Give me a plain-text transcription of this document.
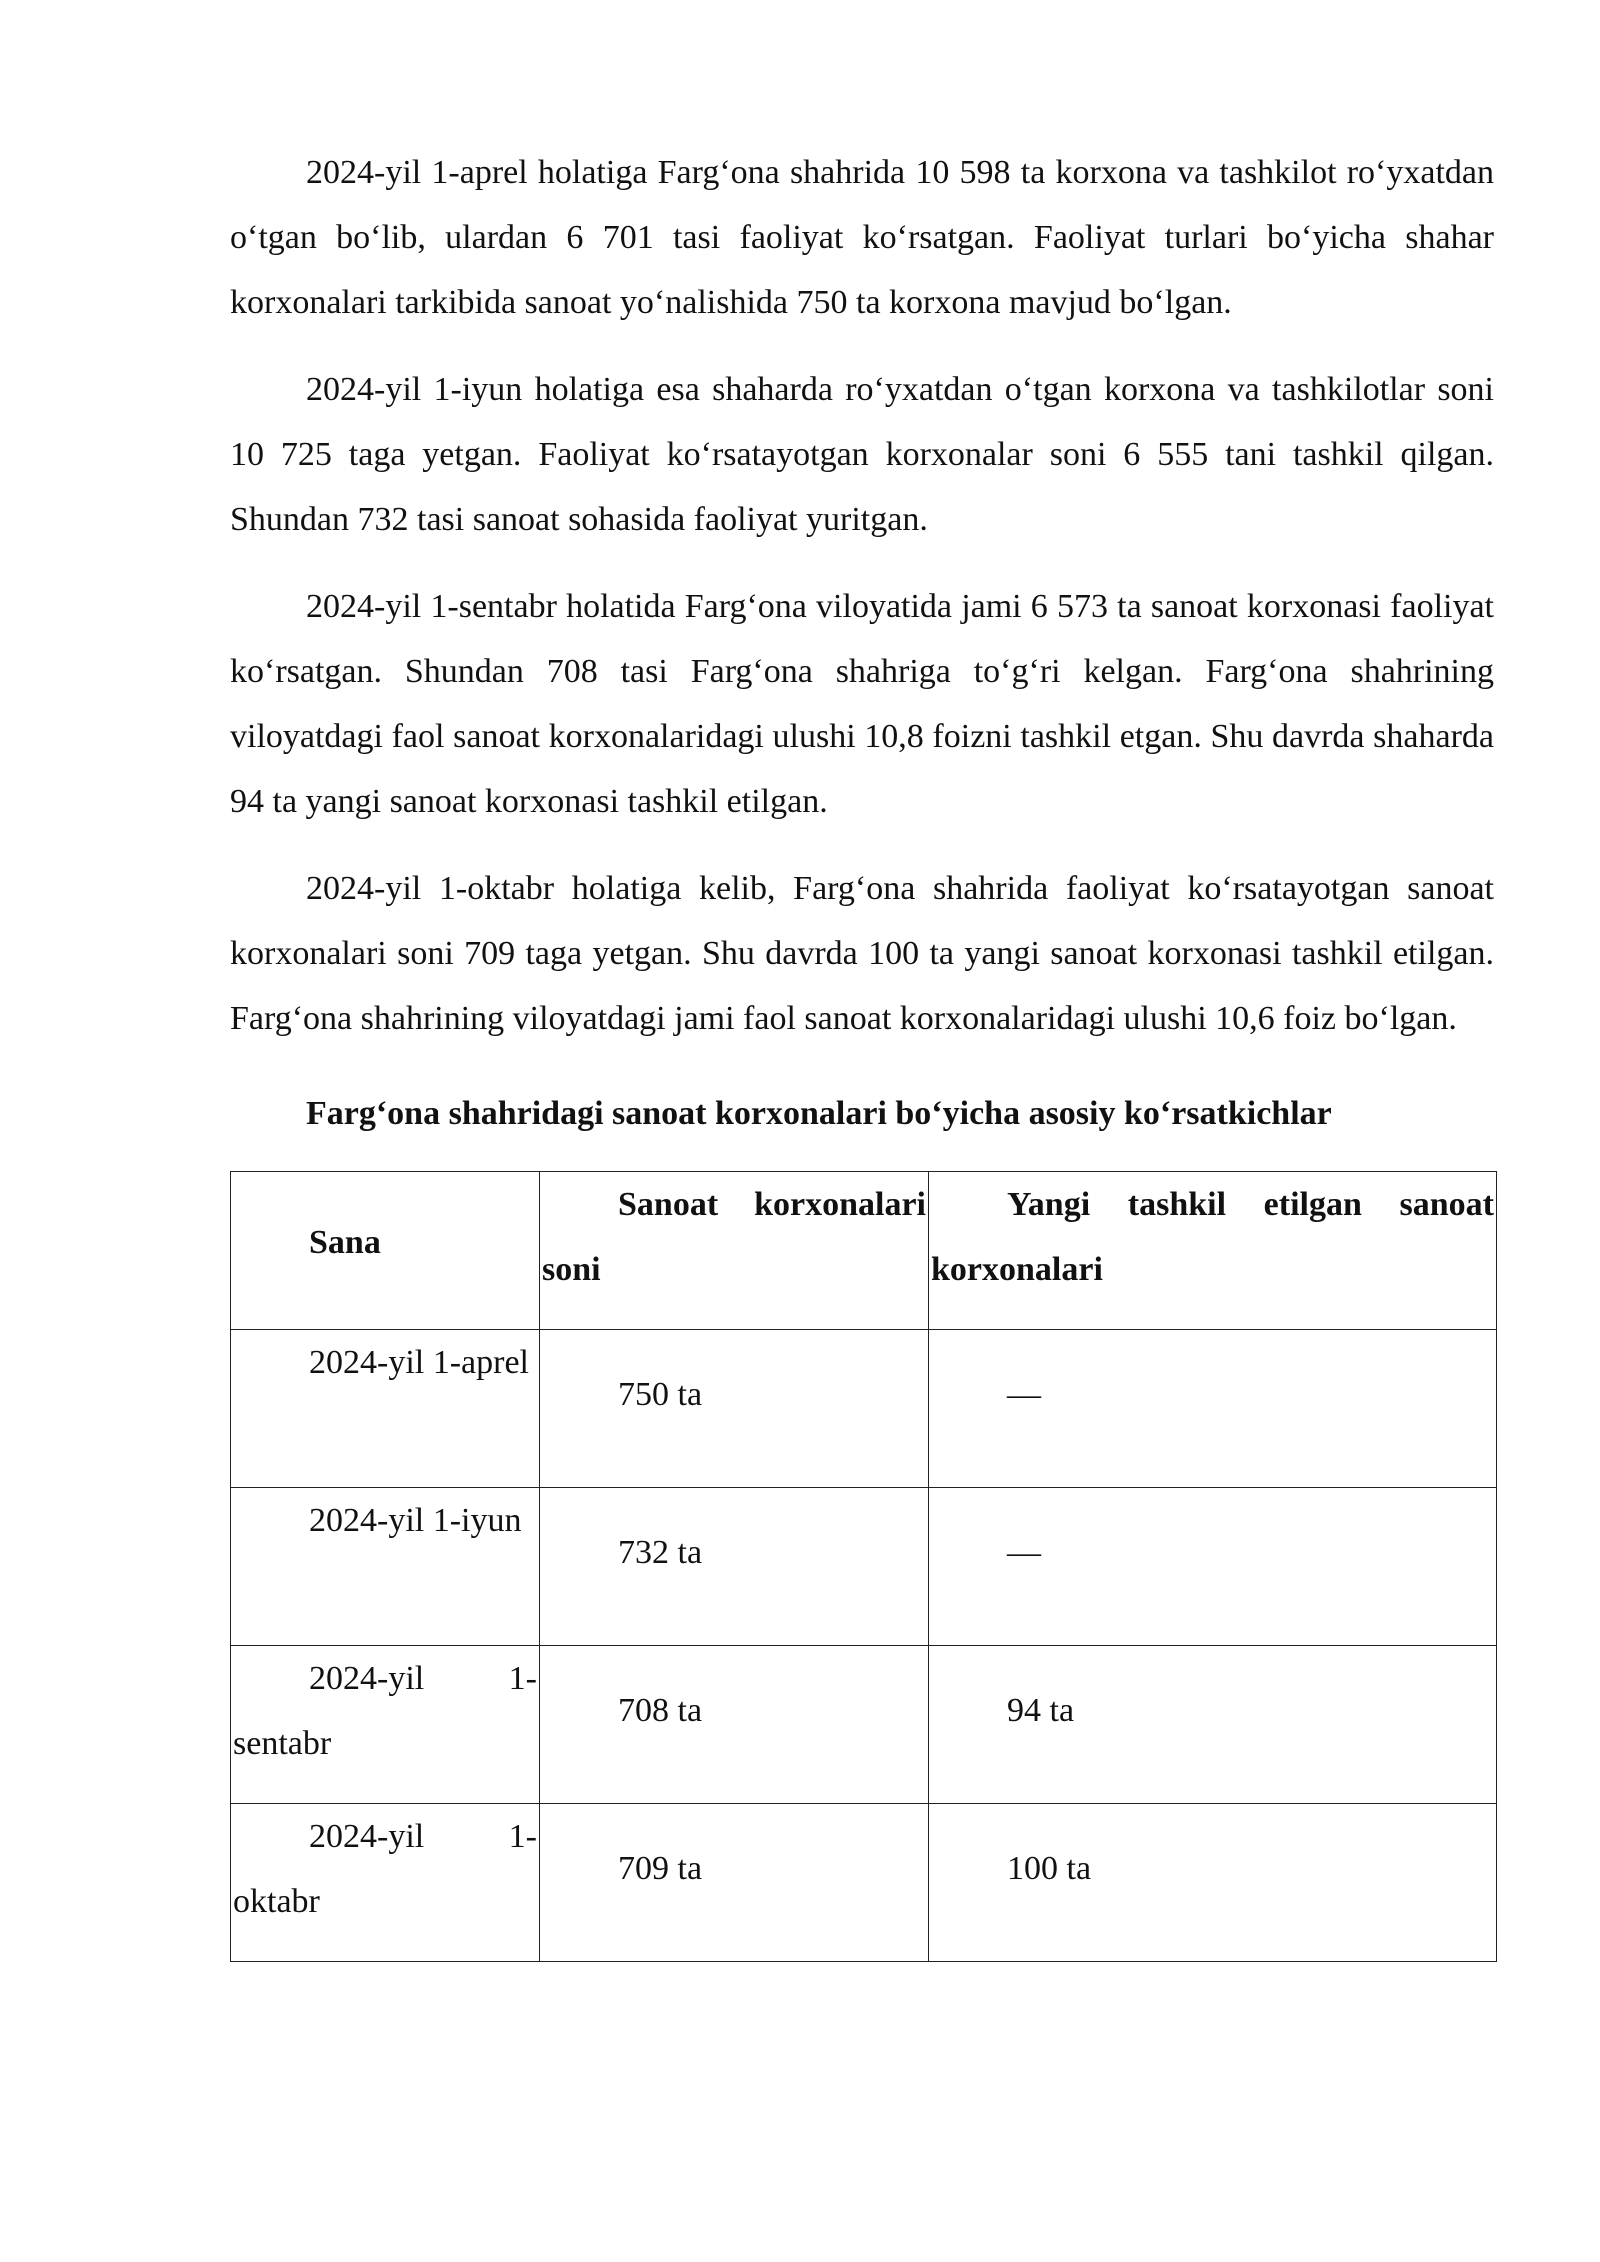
2024-yil 1-aprel holatiga Farg‘ona shahrida 10 598 ta korxona va tashkilot ro‘yxatdan o‘tgan bo‘lib, ulardan 6 701 tasi faoliyat ko‘rsatgan. Faoliyat turlari bo‘yicha shahar korxonalari tarkibida sanoat yo‘nalishida 750 ta korxona mavjud bo‘lgan.

2024-yil 1-iyun holatiga esa shaharda ro‘yxatdan o‘tgan korxona va tashkilotlar soni 10 725 taga yetgan. Faoliyat ko‘rsatayotgan korxonalar soni 6 555 tani tashkil qilgan. Shundan 732 tasi sanoat sohasida faoliyat yuritgan.

2024-yil 1-sentabr holatida Farg‘ona viloyatida jami 6 573 ta sanoat korxonasi faoliyat ko‘rsatgan. Shundan 708 tasi Farg‘ona shahriga to‘g‘ri kelgan. Farg‘ona shahrining viloyatdagi faol sanoat korxonalaridagi ulushi 10,8 foizni tashkil etgan. Shu davrda shaharda 94 ta yangi sanoat korxonasi tashkil etilgan.

2024-yil 1-oktabr holatiga kelib, Farg‘ona shahrida faoliyat ko‘rsatayotgan sanoat korxonalari soni 709 taga yetgan. Shu davrda 100 ta yangi sanoat korxonasi tashkil etilgan. Farg‘ona shahrining viloyatdagi jami faol sanoat korxonalaridagi ulushi 10,6 foiz bo‘lgan.

Farg‘ona shahridagi sanoat korxonalari bo‘yicha asosiy ko‘rsatkichlar
Sana	Sanoat korxonalari soni	Yangi tashkil etilgan sanoat korxonalari

2024-yil 1-aprel	750 ta	—

2024-yil 1-iyun	732 ta	—

2024-yil 1-sentabr	708 ta	94 ta

2024-yil 1-oktabr	709 ta	100 ta
